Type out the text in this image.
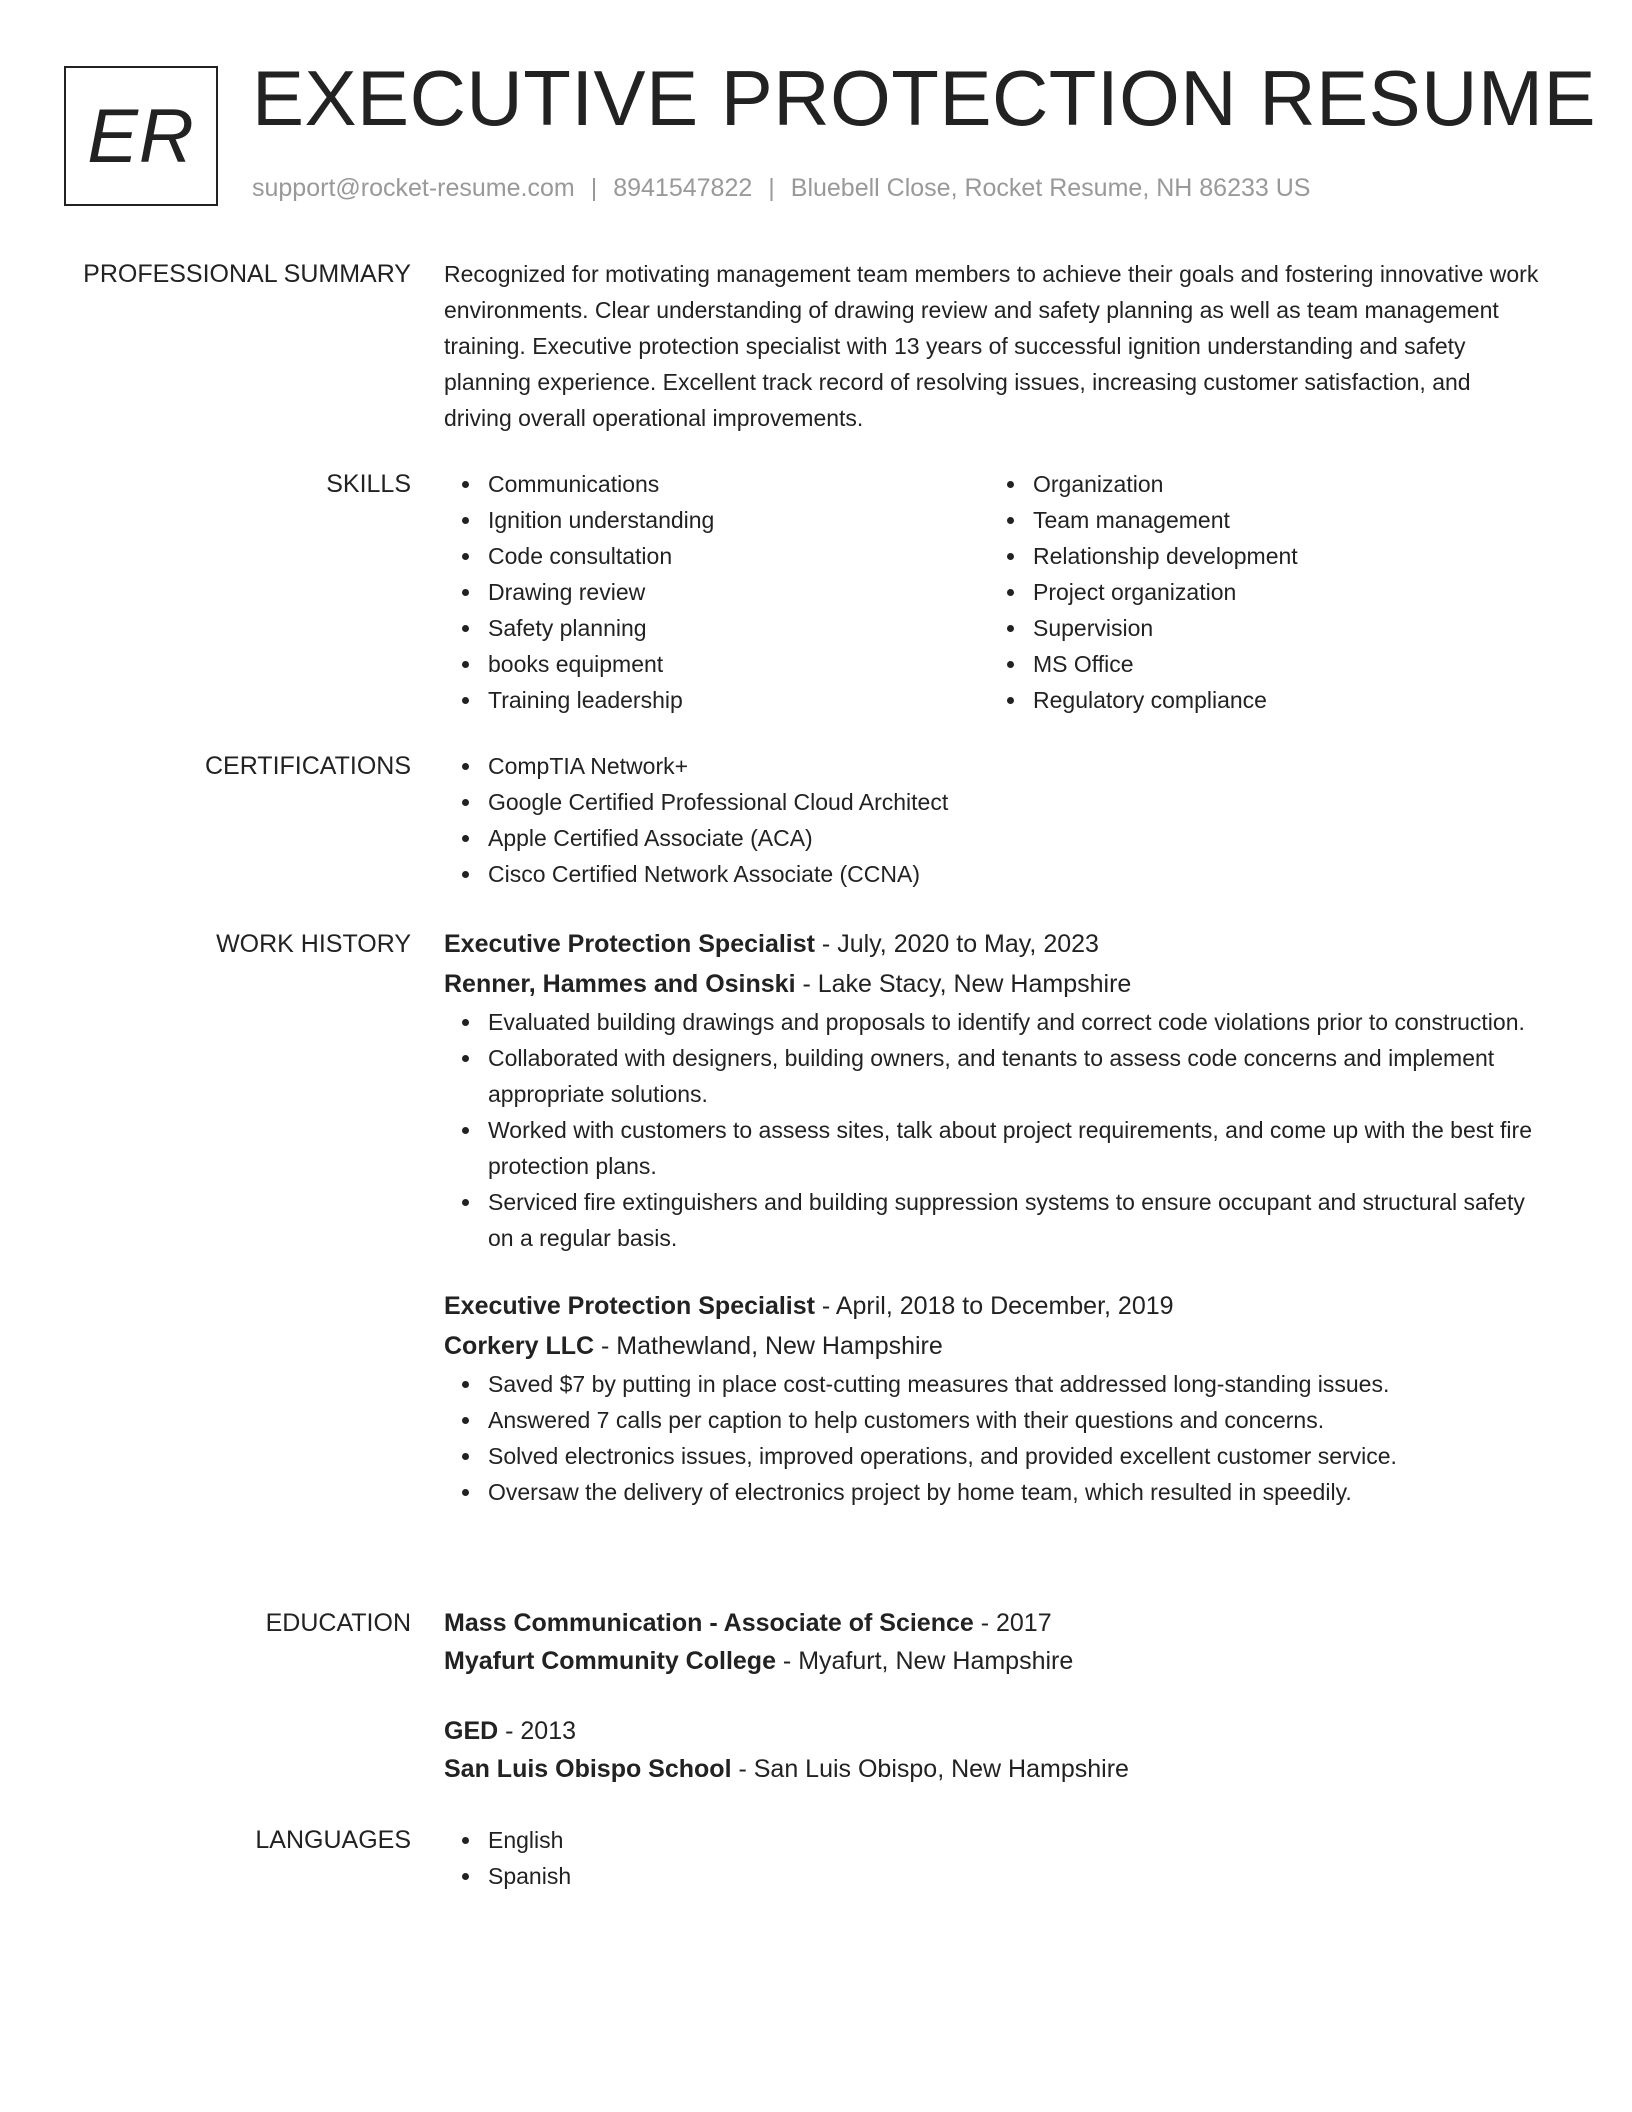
ER EXECUTIVE PROTECTION RESUME
support@rocket-resume.com | 8941547822 | Bluebell Close, Rocket Resume, NH 86233 US
PROFESSIONAL SUMMARY Recognized for motivating management team members to achieve their goals and fostering innovative work environments. Clear understanding of drawing review and safety planning as well as team management training. Executive protection specialist with 13 years of successful ignition understanding and safety planning experience. Excellent track record of resolving issues, increasing customer satisfaction, and driving overall operational improvements.

SKILLS	Communications
Ignition understanding
Code consultation
Drawing review
Safety planning
books equipment
Training leadership
Organization
Team management
Relationship development
Project organization
Supervision
MS Office
Regulatory compliance
CERTIFICATIONS	CompTIA Network+
Google Certified Professional Cloud Architect
Apple Certified Associate (ACA)
Cisco Certified Network Associate (CCNA)
WORK HISTORY Executive Protection Specialist - July, 2020 to May, 2023
Renner, Hammes and Osinski - Lake Stacy, New Hampshire
Evaluated building drawings and proposals to identify and correct code violations prior to construction.
Collaborated with designers, building owners, and tenants to assess code concerns and implement appropriate solutions.
Worked with customers to assess sites, talk about project requirements, and come up with the best fire protection plans.
Serviced fire extinguishers and building suppression systems to ensure occupant and structural safety on a regular basis.
Executive Protection Specialist - April, 2018 to December, 2019
Corkery LLC - Mathewland, New Hampshire
Saved $7 by putting in place cost-cutting measures that addressed long-standing issues.
Answered 7 calls per caption to help customers with their questions and concerns.
Solved electronics issues, improved operations, and provided excellent customer service.
Oversaw the delivery of electronics project by home team, which resulted in speedily.
EDUCATION Mass Communication - Associate of Science - 2017
Myafurt Community College - Myafurt, New Hampshire
GED - 2013
San Luis Obispo School - San Luis Obispo, New Hampshire
LANGUAGES	English
Spanish
